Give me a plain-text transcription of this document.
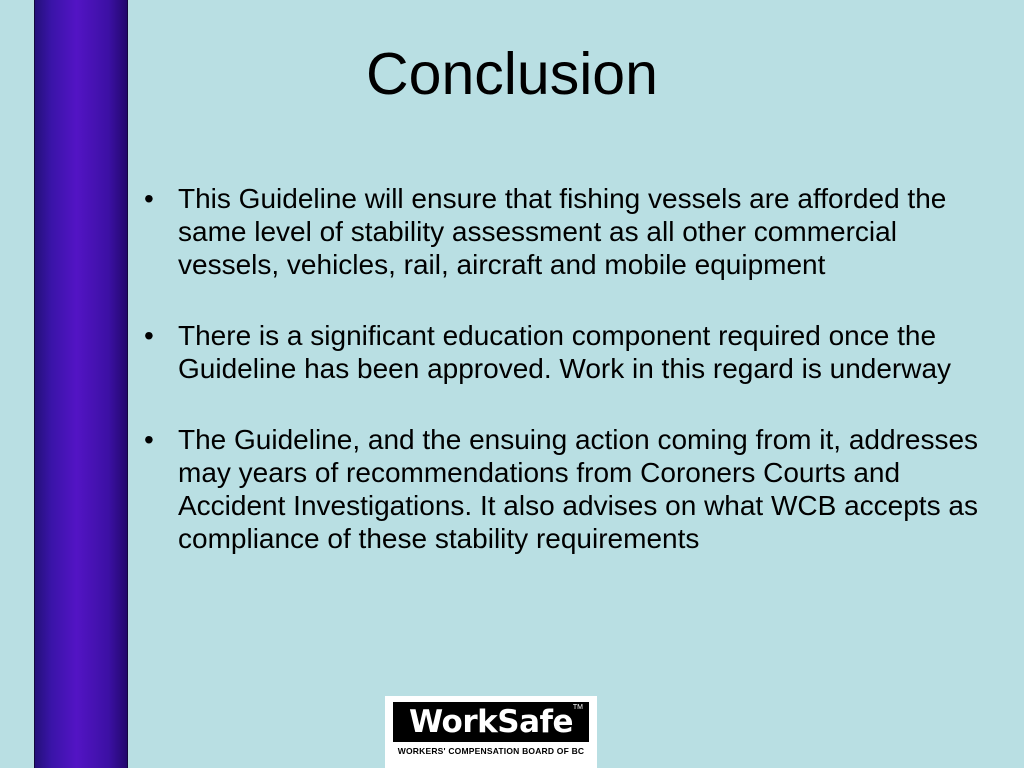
Conclusion
• This Guideline will ensure that fishing vessels are afforded the same level of stability assessment as all other commercial vessels, vehicles, rail, aircraft and mobile equipment
• There is a significant education component required once the Guideline has been approved. Work in this regard is underway
• The Guideline, and the ensuing action coming from it, addresses may years of recommendations from Coroners Courts and Accident Investigations. It also advises on what WCB accepts as compliance of these stability requirements
WorkSafe TM
WORKERS' COMPENSATION BOARD OF BC
